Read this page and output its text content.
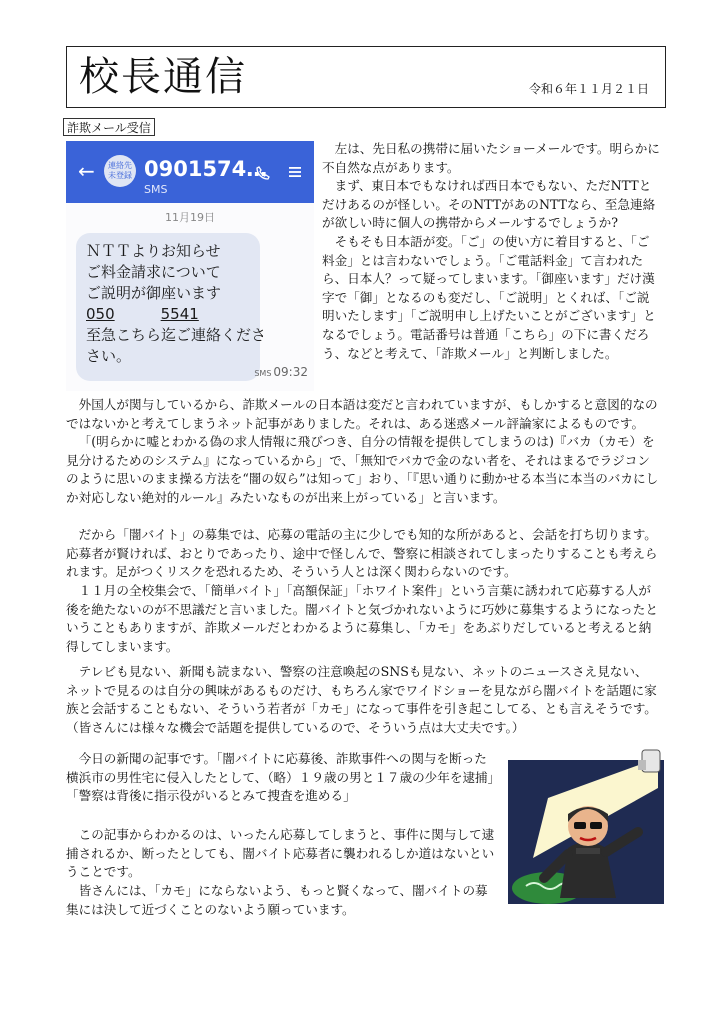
校長通信	令和６年１１月２１日
詐欺メール受信
←	連絡先
未登録 0901574…
SMS
11月19日
ＮＴＴよりお知らせ
ご料金請求について
ご説明が御座います
050	5541
至急こちら迄ご連絡くださ
さい。
SMS 09:32

左は、先日私の携帯に届いたショーメールです。明らかに不自然な点があります。

まず、東日本でもなければ西日本でもない、ただNTTとだけあるのが怪しい。そのNTTがあのNTTなら、至急連絡が欲しい時に個人の携帯からメールするでしょうか?

そもそも日本語が変。「ご」の使い方に着目すると、「ご料金」とは言わないでしょう。「ご電話料金」て言われたら、日本人？って疑ってしまいます。「御座います」だけ漢字で「御」となるのも変だし、「ご説明」とくれば、「ご説明いたします」「ご説明申し上げたいことがございます」となるでしょう。電話番号は普通「こちら」の下に書くだろう、などと考えて、「詐欺メール」と判断しました。

外国人が関与しているから、詐欺メールの日本語は変だと言われていますが、もしかすると意図的なのではないかと考えてしまうネット記事がありました。それは、ある迷惑メール評論家によるものです。

「(明らかに嘘とわかる偽の求人情報に飛びつき、自分の情報を提供してしまうのは)『バカ（カモ）を見分けるためのシステム』になっているから」で、「無知でバカで金のない者を、それはまるでラジコンのように思いのまま操る方法を“闇の奴ら”は知って」おり、「『思い通りに動かせる本当に本当のバカにしか対応しない絶対的ルール』みたいなものが出来上がっている」と言います。

だから「闇バイト」の募集では、応募の電話の主に少しでも知的な所があると、会話を打ち切ります。応募者が賢ければ、おとりであったり、途中で怪しんで、警察に相談されてしまったりすることも考えられます。足がつくリスクを恐れるため、そういう人とは深く関わらないのです。

１１月の全校集会で、「簡単バイト」「高額保証」「ホワイト案件」という言葉に誘われて応募する人が後を絶たないのが不思議だと言いました。闇バイトと気づかれないように巧妙に募集するようになったということもありますが、詐欺メールだとわかるように募集し、「カモ」をあぶりだしていると考えると納得してしまいます。

テレビも見ない、新聞も読まない、警察の注意喚起のSNSも見ない、ネットのニュースさえ見ない、ネットで見るのは自分の興味があるものだけ、もちろん家でワイドショーを見ながら闇バイトを話題に家族と会話することもない、そういう若者が「カモ」になって事件を引き起こしてる、とも言えそうです。（皆さんには様々な機会で話題を提供しているので、そういう点は大丈夫です。）

今日の新聞の記事です。「闇バイトに応募後、詐欺事件への関与を断った横浜市の男性宅に侵入したとして、（略）１９歳の男と１７歳の少年を逮捕」「警察は背後に指示役がいるとみて捜査を進める」

この記事からわかるのは、いったん応募してしまうと、事件に関与して逮捕されるか、断ったとしても、闇バイト応募者に襲われるしか道はないということです。

皆さんには、「カモ」にならないよう、もっと賢くなって、闇バイトの募集には決して近づくことのないよう願っています。
